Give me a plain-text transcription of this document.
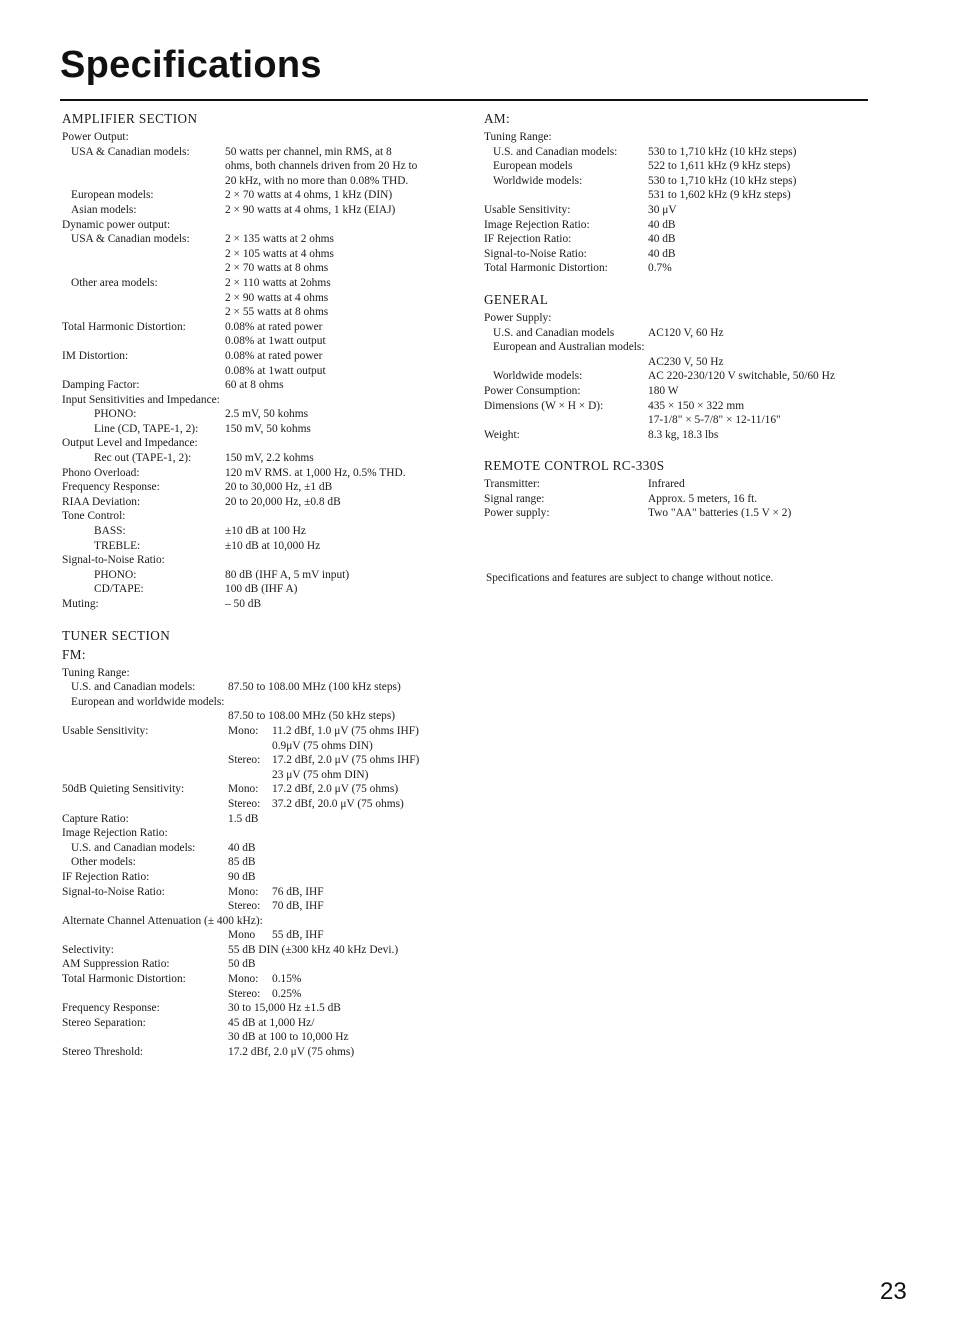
Specifications
AMPLIFIER SECTION
Power Output:
USA & Canadian models:	50 watts per channel, min RMS, at 8
ohms, both channels driven from 20 Hz to
20 kHz, with no more than 0.08% THD.
European models:	2 × 70 watts at 4 ohms, 1 kHz (DIN)
Asian models:	2 × 90 watts at 4 ohms, 1 kHz (EIAJ)
Dynamic power output:
USA & Canadian models:	2 × 135 watts at 2 ohms
2 × 105 watts at 4 ohms
2 × 70 watts at 8 ohms
Other area models:	2 × 110 watts at 2ohms
2 × 90 watts at 4 ohms
2 × 55 watts at 8 ohms
Total Harmonic Distortion:	0.08% at rated power
0.08% at 1watt output
IM Distortion:	0.08% at rated power
0.08% at 1watt output
Damping Factor:	60 at 8 ohms
Input Sensitivities and Impedance:
PHONO:	2.5 mV, 50 kohms
Line (CD, TAPE-1, 2):	150 mV, 50 kohms
Output Level and Impedance:
Rec out (TAPE-1, 2):	150 mV, 2.2 kohms
Phono Overload:	120 mV RMS. at 1,000 Hz, 0.5% THD.
Frequency Response:	20 to 30,000 Hz, ±1 dB
RIAA Deviation:	20 to 20,000 Hz, ±0.8 dB
Tone Control:
BASS:	±10 dB at 100 Hz
TREBLE:	±10 dB at 10,000 Hz
Signal-to-Noise Ratio:
PHONO:	80 dB (IHF A, 5 mV input)
CD/TAPE:	100 dB (IHF A)
Muting:	– 50 dB
TUNER SECTION
FM:
Tuning Range:
U.S. and Canadian models:	87.50 to 108.00 MHz (100 kHz steps)
European and worldwide models:
87.50 to 108.00 MHz (50 kHz steps)
Usable Sensitivity:	Mono:	11.2 dBf, 1.0 μV (75 ohms IHF)
0.9μV (75 ohms DIN)
Stereo:	17.2 dBf, 2.0 μV (75 ohms IHF)
23 μV (75 ohm DIN)
50dB Quieting Sensitivity:	Mono:	17.2 dBf, 2.0 μV (75 ohms)
Stereo:	37.2 dBf, 20.0 μV (75 ohms)
Capture Ratio:	1.5 dB
Image Rejection Ratio:
U.S. and Canadian models:	40 dB
Other models:	85 dB
IF Rejection Ratio:	90 dB
Signal-to-Noise Ratio:	Mono:	76 dB, IHF
Stereo:	70 dB, IHF
Alternate Channel Attenuation (± 400 kHz):
Mono	55 dB, IHF
Selectivity:	55 dB DIN (±300 kHz 40 kHz Devi.)
AM Suppression Ratio:	50 dB
Total Harmonic Distortion:	Mono:	0.15%
Stereo:	0.25%
Frequency Response:	30 to 15,000 Hz ±1.5 dB
Stereo Separation:	45 dB at 1,000 Hz/
30 dB at 100 to 10,000 Hz
Stereo Threshold:	17.2 dBf, 2.0 μV (75 ohms)
AM:
Tuning Range:
U.S. and Canadian models:	530 to 1,710 kHz (10 kHz steps)
European models	522 to 1,611 kHz (9 kHz steps)
Worldwide models:	530 to 1,710 kHz (10 kHz steps)
531 to 1,602 kHz (9 kHz steps)
Usable Sensitivity:	30 μV
Image Rejection Ratio:	40 dB
IF Rejection Ratio:	40 dB
Signal-to-Noise Ratio:	40 dB
Total Harmonic Distortion:	0.7%
GENERAL
Power Supply:
U.S. and Canadian models	AC120 V, 60 Hz
European and Australian models:
AC230 V, 50 Hz
Worldwide models:	AC 220-230/120 V switchable, 50/60 Hz
Power Consumption:	180 W
Dimensions (W × H × D):	435 × 150 × 322 mm
17-1/8" × 5-7/8" × 12-11/16"
Weight:	8.3 kg, 18.3 lbs
REMOTE CONTROL RC-330S
Transmitter:	Infrared
Signal range:	Approx. 5 meters, 16 ft.
Power supply:	Two "AA" batteries (1.5 V × 2)
Specifications and features are subject to change without notice.
23
